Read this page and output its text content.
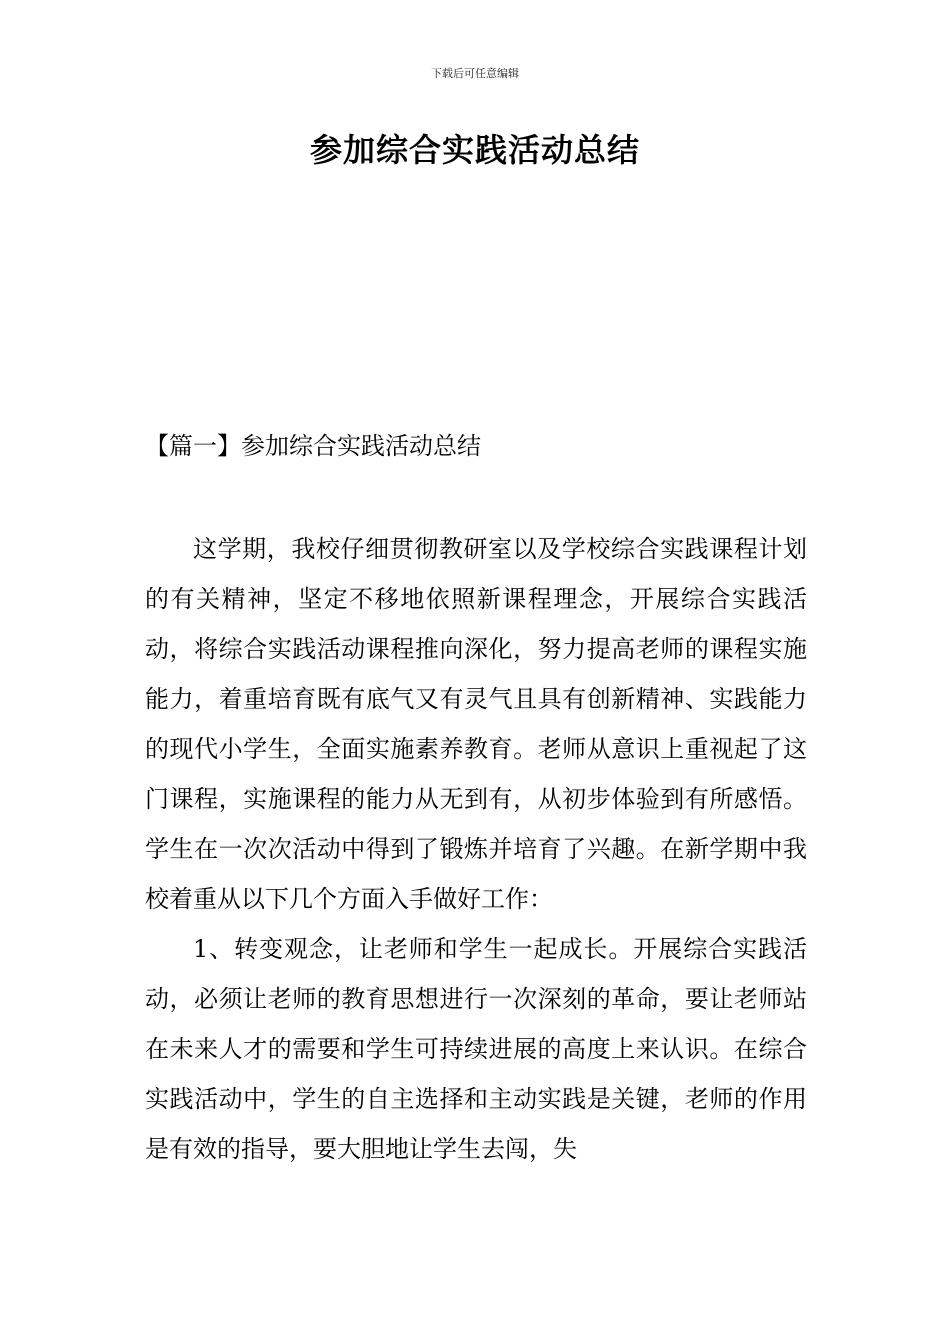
下载后可任意编辑
参加综合实践活动总结
【篇一】参加综合实践活动总结

这学期，我校仔细贯彻教研室以及学校综合实践课程计划的有关精神，坚定不移地依照新课程理念，开展综合实践活动，将综合实践活动课程推向深化，努力提高老师的课程实施能力，着重培育既有底气又有灵气且具有创新精神、实践能力的现代小学生，全面实施素养教育。老师从意识上重视起了这门课程，实施课程的能力从无到有，从初步体验到有所感悟。学生在一次次活动中得到了锻炼并培育了兴趣。在新学期中我校着重从以下几个方面入手做好工作：

1、转变观念，让老师和学生一起成长。开展综合实践活动，必须让老师的教育思想进行一次深刻的革命，要让老师站在未来人才的需要和学生可持续进展的高度上来认识。在综合实践活动中，学生的自主选择和主动实践是关键，老师的作用是有效的指导，要大胆地让学生去闯，失
